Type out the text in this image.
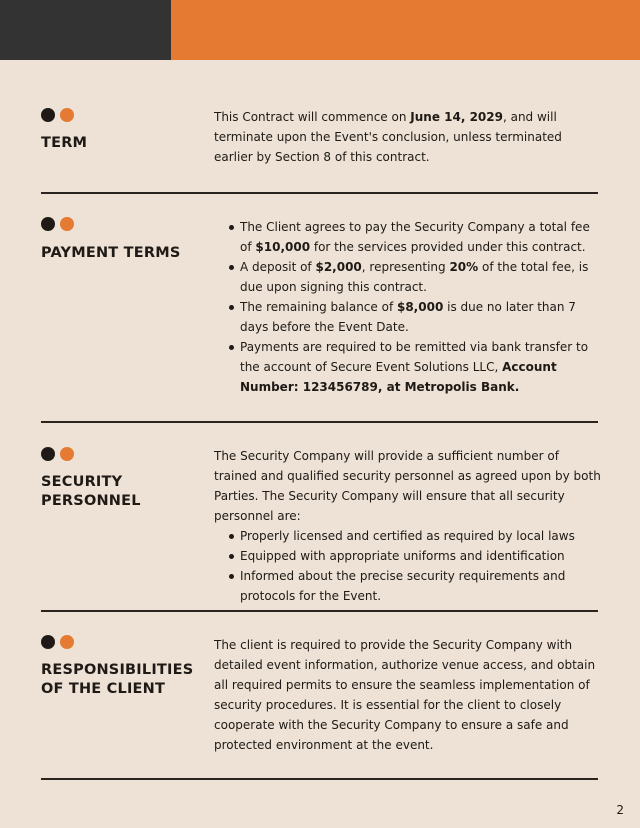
TERM

This Contract will commence on June 14, 2029, and will terminate upon the Event's conclusion, unless terminated earlier by Section 8 of this contract.

PAYMENT TERMS
The Client agrees to pay the Security Company a total fee of $10,000 for the services provided under this contract.
A deposit of $2,000, representing 20% of the total fee, is due upon signing this contract.
The remaining balance of $8,000 is due no later than 7 days before the Event Date.
Payments are required to be remitted via bank transfer to the account of Secure Event Solutions LLC, Account Number: 123456789, at Metropolis Bank.
SECURITY PERSONNEL

The Security Company will provide a sufficient number of trained and qualified security personnel as agreed upon by both Parties. The Security Company will ensure that all security personnel are:

Properly licensed and certified as required by local laws
Equipped with appropriate uniforms and identification
Informed about the precise security requirements and protocols for the Event.
RESPONSIBILITIES OF THE CLIENT

The client is required to provide the Security Company with detailed event information, authorize venue access, and obtain all required permits to ensure the seamless implementation of security procedures. It is essential for the client to closely cooperate with the Security Company to ensure a safe and protected environment at the event.

2
